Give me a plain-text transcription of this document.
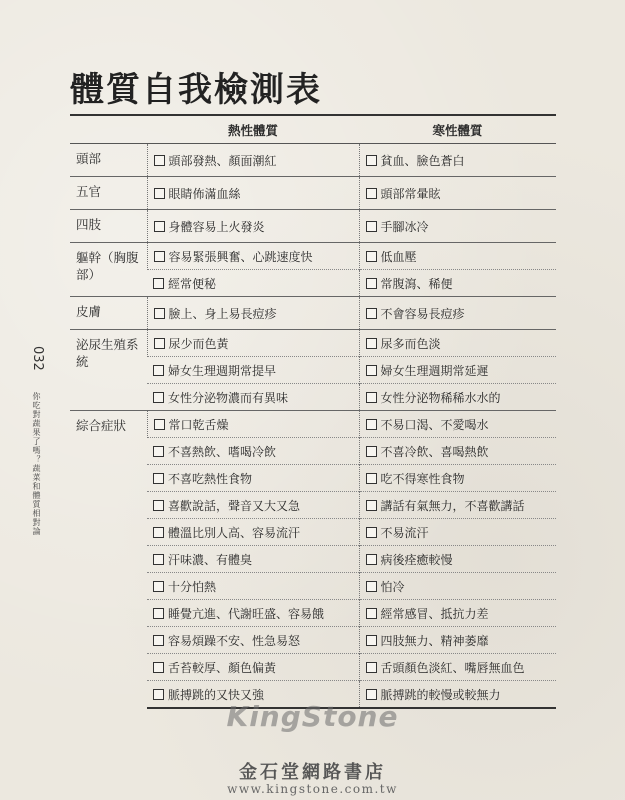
體質自我檢測表
032
你吃對蔬果了嗎？蔬菜和體質相對論
	熱性體質	寒性體質
頭部	頭部發熱、顏面潮紅	貧血、臉色蒼白
五官	眼睛佈滿血絲	頭部常暈眩
四肢	身體容易上火發炎	手腳冰冷
軀幹（胸腹部）	容易緊張興奮、心跳速度快	低血壓
	經常便秘	常腹瀉、稀便
皮膚	臉上、身上易長痘疹	不會容易長痘疹
泌尿生殖系統	尿少而色黃	尿多而色淡
	婦女生理週期常提早	婦女生理週期常延遲
	女性分泌物濃而有異味	女性分泌物稀稀水水的
綜合症狀	常口乾舌燥	不易口渴、不愛喝水
	不喜熱飲、嗜喝冷飲	不喜冷飲、喜喝熱飲
	不喜吃熱性食物	吃不得寒性食物
	喜歡說話，聲音又大又急	講話有氣無力，不喜歡講話
	體溫比別人高、容易流汗	不易流汗
	汗味濃、有體臭	病後痊癒較慢
	十分怕熱	怕冷
	睡覺亢進、代謝旺盛、容易餓	經常感冒、抵抗力差
	容易煩躁不安、性急易怒	四肢無力、精神萎靡
	舌苔較厚、顏色偏黃	舌頭顏色淡紅、嘴唇無血色
	脈搏跳的又快又強	脈搏跳的較慢或較無力
KingStone
金石堂網路書店
www.kingstone.com.tw
